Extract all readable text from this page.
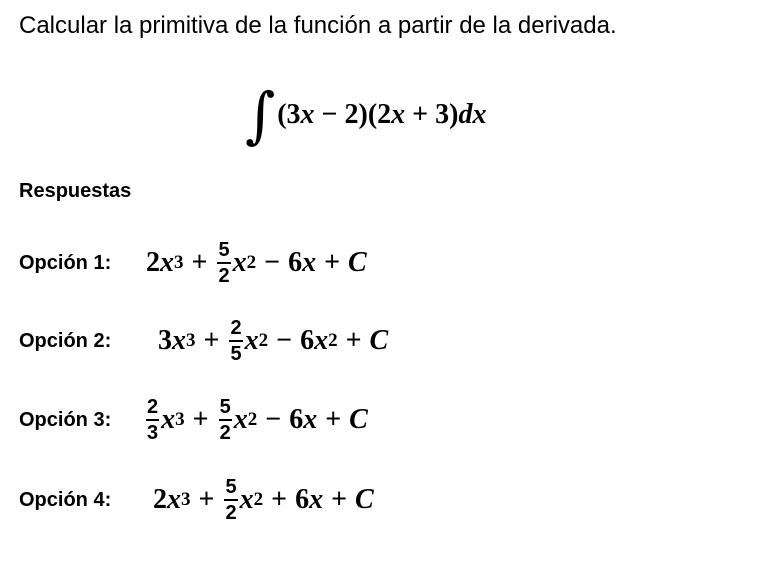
Calcular la primitiva de la función a partir de la derivada.
∫ (3x − 2)(2x + 3)dx
Respuestas
Opción 1: 2 x $3 + \frac{5}{2}$ x 2 − 6 x + C
Opción 2: 3 x $3 + \frac{2}{5}$ x 2 − 6 x 2 + C
Opción 3: $\frac{2}{3}$ x $3 + \frac{5}{2}$ x 2 − 6 x + C
Opción 4: 2 x $3 + \frac{5}{2}$ x 2 + 6 x + C
